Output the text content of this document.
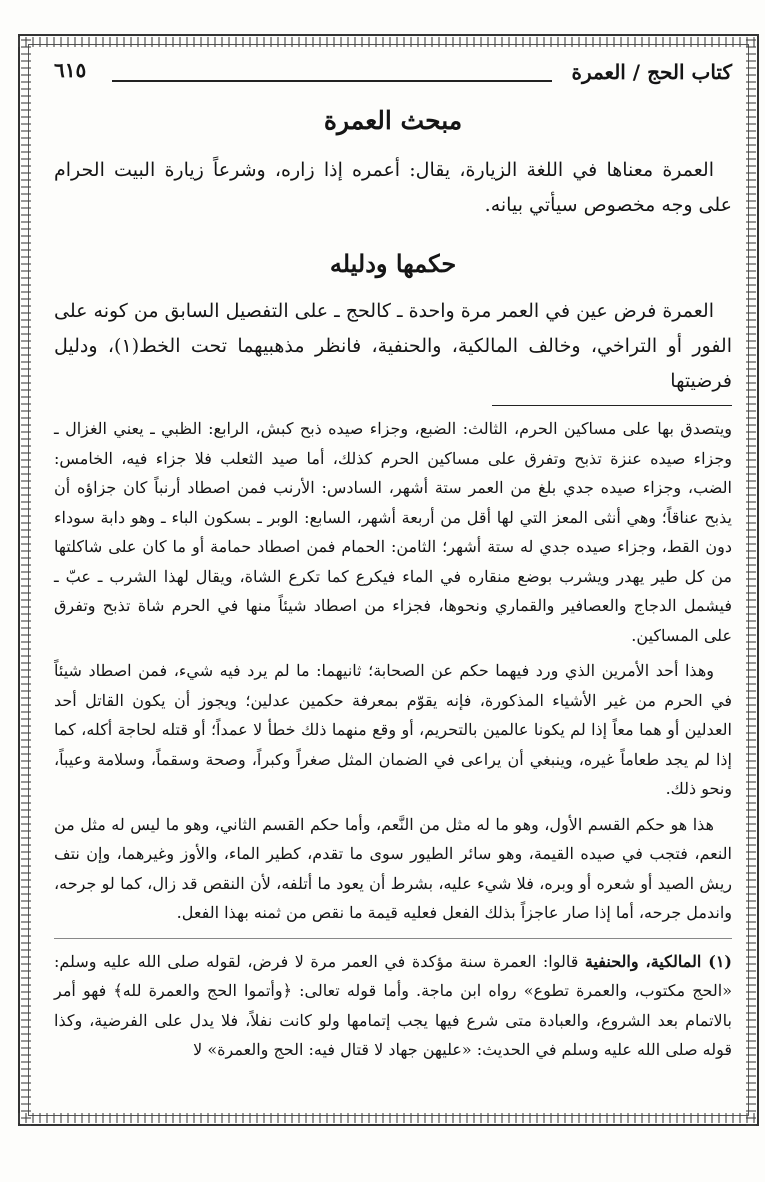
كتاب الحج / العمرة
٦١٥
مبحث العمرة

العمرة معناها في اللغة الزيارة، يقال: أعمره إذا زاره، وشرعاً زيارة البيت الحرام على وجه مخصوص سيأتي بيانه.

حكمها ودليله

العمرة فرض عين في العمر مرة واحدة ـ كالحج ـ على التفصيل السابق من كونه على الفور أو التراخي، وخالف المالكية، والحنفية، فانظر مذهبيهما تحت الخط(١)، ودليل فرضيتها

ويتصدق بها على مساكين الحرم، الثالث: الضبع، وجزاء صيده ذبح كبش، الرابع: الظبي ـ يعني الغزال ـ وجزاء صيده عنزة تذبح وتفرق على مساكين الحرم كذلك، أما صيد الثعلب فلا جزاء فيه، الخامس: الضب، وجزاء صيده جدي بلغ من العمر ستة أشهر، السادس: الأرنب فمن اصطاد أرنباً كان جزاؤه أن يذبح عناقاً؛ وهي أنثى المعز التي لها أقل من أربعة أشهر، السابع: الوبر ـ بسكون الباء ـ وهو دابة سوداء دون القط، وجزاء صيده جدي له ستة أشهر؛ الثامن: الحمام فمن اصطاد حمامة أو ما كان على شاكلتها من كل طير يهدر ويشرب بوضع منقاره في الماء فيكرع كما تكرع الشاة، ويقال لهذا الشرب ـ عبّ ـ فيشمل الدجاج والعصافير والقماري ونحوها، فجزاء من اصطاد شيئاً منها في الحرم شاة تذبح وتفرق على المساكين.

وهذا أحد الأمرين الذي ورد فيهما حكم عن الصحابة؛ ثانيهما: ما لم يرد فيه شيء، فمن اصطاد شيئاً في الحرم من غير الأشياء المذكورة، فإنه يقوّم بمعرفة حكمين عدلين؛ ويجوز أن يكون القاتل أحد العدلين أو هما معاً إذا لم يكونا عالمين بالتحريم، أو وقع منهما ذلك خطأ لا عمداً؛ أو قتله لحاجة أكله، كما إذا لم يجد طعاماً غيره، وينبغي أن يراعى في الضمان المثل صغراً وكبراً، وصحة وسقماً، وسلامة وعيباً، ونحو ذلك.

هذا هو حكم القسم الأول، وهو ما له مثل من النَّعم، وأما حكم القسم الثاني، وهو ما ليس له مثل من النعم، فتجب في صيده القيمة، وهو سائر الطيور سوى ما تقدم، كطير الماء، والأوز وغيرهما، وإن نتف ريش الصيد أو شعره أو وبره، فلا شيء عليه، بشرط أن يعود ما أتلفه، لأن النقص قد زال، كما لو جرحه، واندمل جرحه، أما إذا صار عاجزاً بذلك الفعل فعليه قيمة ما نقص من ثمنه بهذا الفعل.

(١) المالكية، والحنفية قالوا: العمرة سنة مؤكدة في العمر مرة لا فرض، لقوله صلى الله عليه وسلم: «الحج مكتوب، والعمرة تطوع» رواه ابن ماجة. وأما قوله تعالى: ﴿وأتموا الحج والعمرة لله﴾ فهو أمر بالاتمام بعد الشروع، والعبادة متى شرع فيها يجب إتمامها ولو كانت نفلاً، فلا يدل على الفرضية، وكذا قوله صلى الله عليه وسلم في الحديث: «عليهن جهاد لا قتال فيه: الحج والعمرة» لا
